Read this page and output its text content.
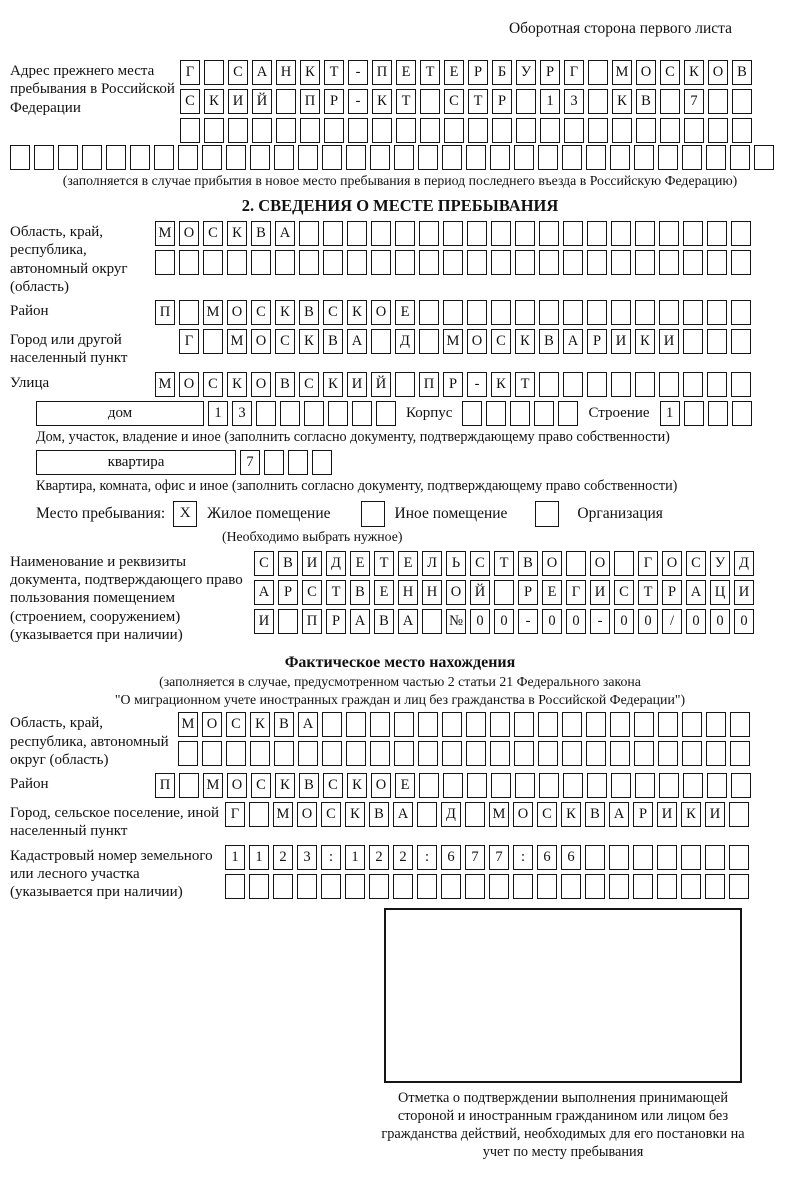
Оборотная сторона первого листа
Адрес прежнего места пребывания в Российской Федерации
Г	С А Н К	Т	-	П Е	Т	Е	Р	Б	У	Р	Г	М О С К О В
С К И Й	П	Р	-	К	Т	С	Т	Р	1	3	К В	7
(заполняется в случае прибытия в новое место пребывания в период последнего въезда в Российскую Федерацию)
2. СВЕДЕНИЯ О МЕСТЕ ПРЕБЫВАНИЯ
Область, край, республика, автономный округ (область)
М О С К В А
Район	П	М О С К В С К О Е
Город или другой населенный пункт
Г	М О С К В А	Д	М О С К В А	Р	И К И
Улица	М О С К О В С К И Й	П	Р	-	К	Т
дом	1	3	Корпус	Строение	1
Дом, участок, владение и иное (заполнить согласно документу, подтверждающему право собственности)
квартира	7
Квартира, комната, офис и иное (заполнить согласно документу, подтверждающему право собственности)
Место пребывания: X	Жилое помещение	Иное помещение	Организация
(Необходимо выбрать нужное)
Наименование и реквизиты документа, подтверждающего право пользования помещением (строением, сооружением) (указывается при наличии)
С В И Д	Е	Т	Е	Л	Ь	С	Т	В О	О	Г	О С У Д
А	Р	С	Т	В	Е Н Н О Й	Р	Е	Г	И С	Т	Р	А Ц И
И	П	Р	А В А	№ 0	0	-	0	0	-	0	0	/	0	0	0
Фактическое место нахождения
(заполняется в случае, предусмотренном частью 2 статьи 21 Федерального закона
"О миграционном учете иностранных граждан и лиц без гражданства в Российской Федерации")
Область, край, республика, автономный округ (область)
М О С К В А
Район	П	М О С К В С К О Е
Город, сельское поселение, иной населенный пункт
Г	М О С К В А	Д	М О С К В А	Р	И К И
Кадастровый номер земельного или лесного участка (указывается при наличии)
1	1	2	3	:	1	2	2	:	6	7	7	:	6	6
Отметка о подтверждении выполнения принимающей стороной и иностранным гражданином или лицом без гражданства действий, необходимых для его постановки на учет по месту пребывания
